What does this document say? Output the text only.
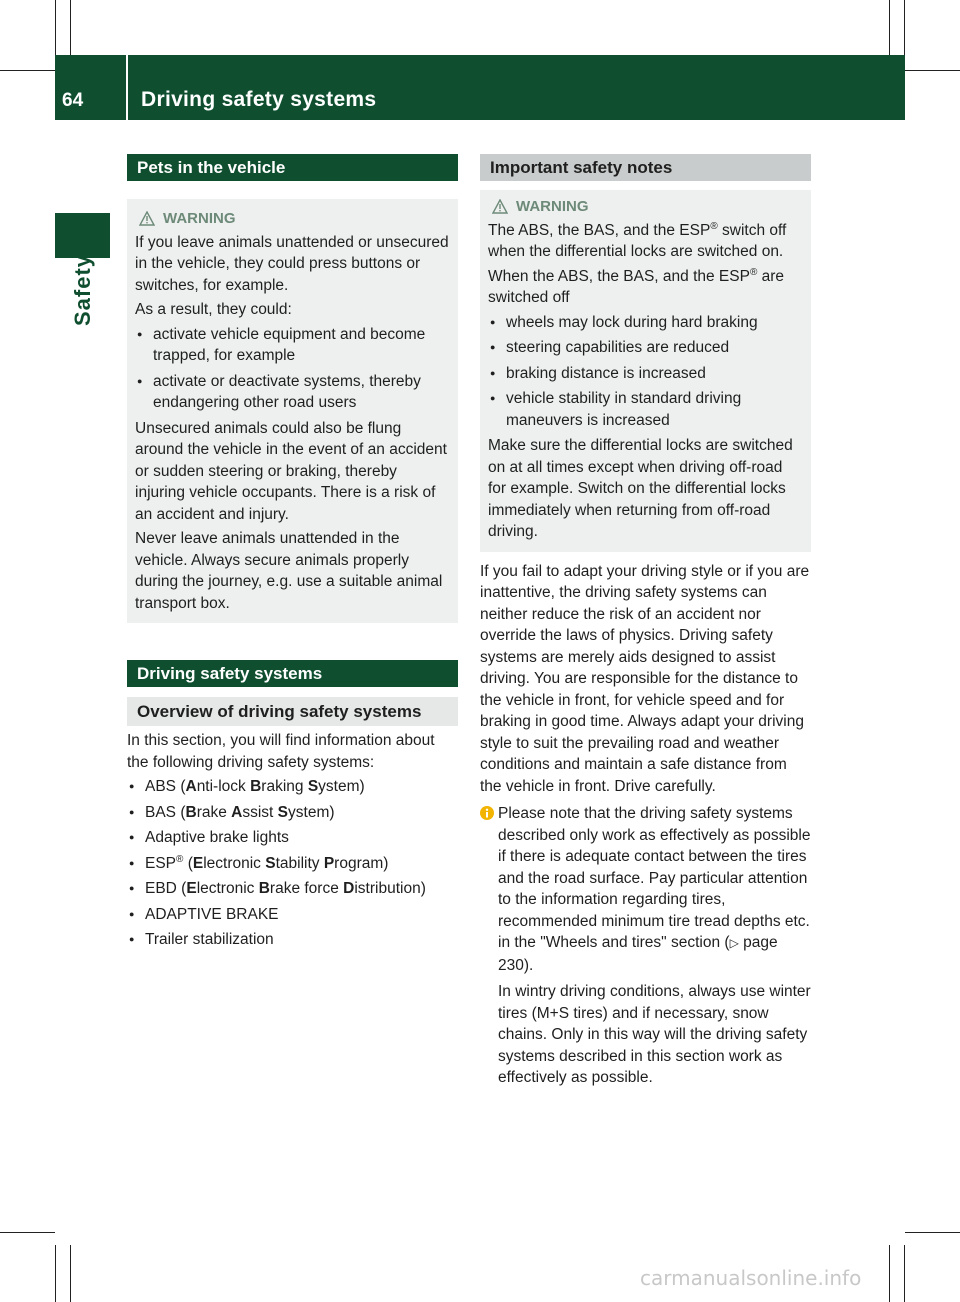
64	Driving safety systems
Safety
Pets in the vehicle
WARNING

If you leave animals unattended or unsecured in the vehicle, they could press buttons or switches, for example.

As a result, they could:

● activate vehicle equipment and become trapped, for example
● activate or deactivate systems, thereby endangering other road users

Unsecured animals could also be flung around the vehicle in the event of an accident or sudden steering or braking, thereby injuring vehicle occupants. There is a risk of an accident and injury.

Never leave animals unattended in the vehicle. Always secure animals properly during the journey, e.g. use a suitable animal transport box.

Driving safety systems
Overview of driving safety systems

In this section, you will find information about the following driving safety systems:

● ABS (Anti-lock Braking System)
● BAS (Brake Assist System)
● Adaptive brake lights
● ESP® (Electronic Stability Program)
● EBD (Electronic Brake force Distribution)
● ADAPTIVE BRAKE
● Trailer stabilization
Important safety notes
WARNING

The ABS, the BAS, and the ESP® switch off when the differential locks are switched on.

When the ABS, the BAS, and the ESP® are switched off

● wheels may lock during hard braking
● steering capabilities are reduced
● braking distance is increased
● vehicle stability in standard driving maneuvers is increased

Make sure the differential locks are switched on at all times except when driving off-road for example. Switch on the differential locks immediately when returning from off-road driving.

If you fail to adapt your driving style or if you are inattentive, the driving safety systems can neither reduce the risk of an accident nor override the laws of physics. Driving safety systems are merely aids designed to assist driving. You are responsible for the distance to the vehicle in front, for vehicle speed and for braking in good time. Always adapt your driving style to suit the prevailing road and weather conditions and maintain a safe distance from the vehicle in front. Drive carefully.

Please note that the driving safety systems described only work as effectively as possible if there is adequate contact between the tires and the road surface. Pay particular attention to the information regarding tires, recommended minimum tire tread depths etc. in the "Wheels and tires" section (▷ page 230).

In wintry driving conditions, always use winter tires (M+S tires) and if necessary, snow chains. Only in this way will the driving safety systems described in this section work as effectively as possible.

carmanualsonline.info
